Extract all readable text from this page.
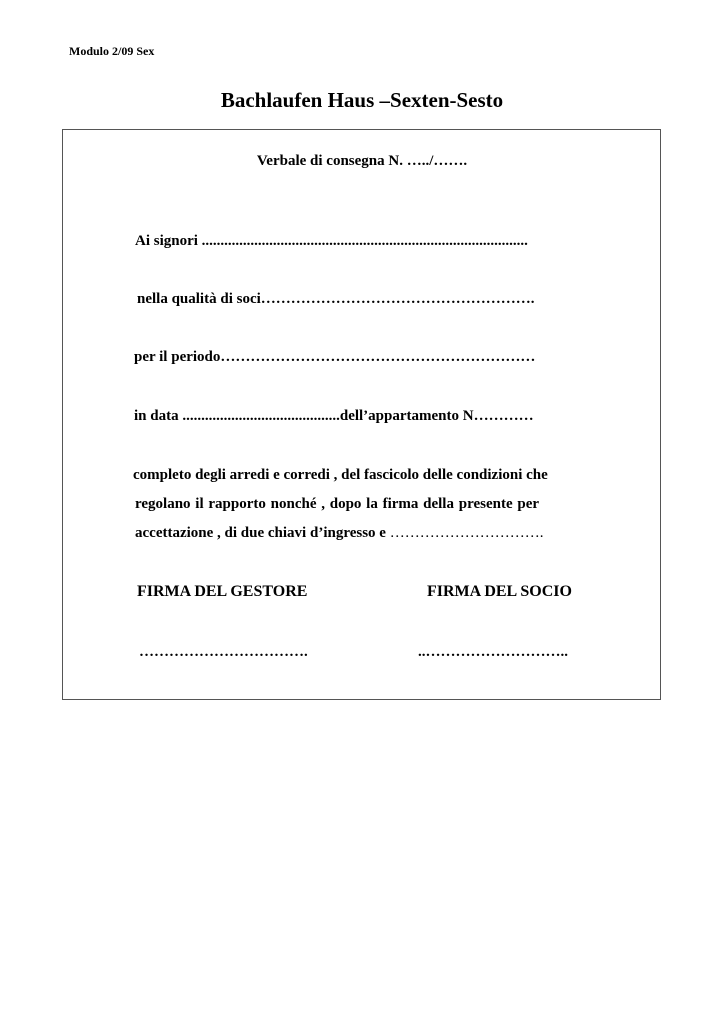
Modulo 2/09 Sex
Bachlaufen Haus –Sexten-Sesto
Verbale di consegna N. …../…….
Ai signori .......................................................................................
nella qualità di soci……………………………………………….
per il periodo………………………………………………………
in data ..........................................dell’appartamento N…………
completo degli arredi e corredi , del fascicolo delle condizioni che
regolano il rapporto nonché , dopo la firma della presente per
accettazione , di due chiavi d’ingresso e ………………………….
FIRMA DEL GESTORE	FIRMA DEL SOCIO
…………………………….	..………………………..
